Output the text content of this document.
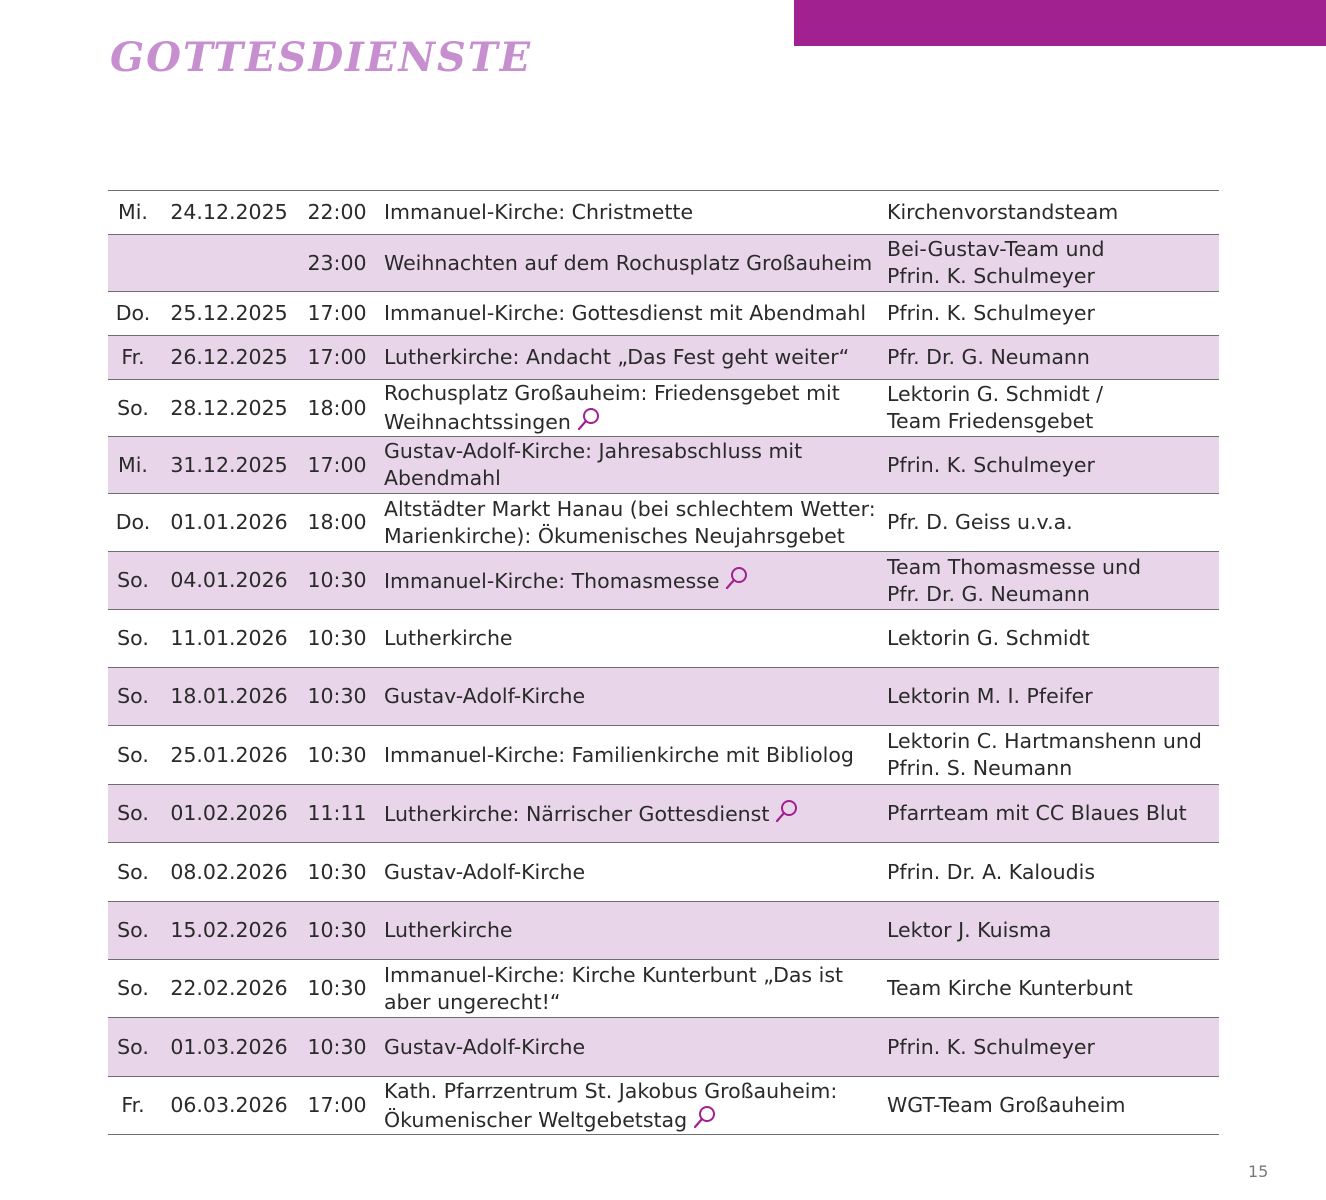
GOTTESDIENSTE
Mi.	24.12.2025	22:00	Immanuel-Kirche: Christmette	Kirchenvorstandsteam
		23:00	Weihnachten auf dem Rochusplatz Großauheim	Bei-Gustav-Team und
Pfrin. K. Schulmeyer
Do.	25.12.2025	17:00	Immanuel-Kirche: Gottesdienst mit Abendmahl	Pfrin. K. Schulmeyer
Fr.	26.12.2025	17:00	Lutherkirche: Andacht „Das Fest geht weiter“	Pfr. Dr. G. Neumann
So.	28.12.2025	18:00	Rochusplatz Großauheim: Friedensgebet mit
Weihnachtssingen	Lektorin G. Schmidt /
Team Friedensgebet
Mi.	31.12.2025	17:00	Gustav-Adolf-Kirche: Jahresabschluss mit
Abendmahl	Pfrin. K. Schulmeyer
Do.	01.01.2026	18:00	Altstädter Markt Hanau (bei schlechtem Wetter:
Marienkirche): Ökumenisches Neujahrsgebet	Pfr. D. Geiss u.v.a.
So.	04.01.2026	10:30	Immanuel-Kirche: Thomasmesse	Team Thomasmesse und
Pfr. Dr. G. Neumann
So.	11.01.2026	10:30	Lutherkirche	Lektorin G. Schmidt
So.	18.01.2026	10:30	Gustav-Adolf-Kirche	Lektorin M. I. Pfeifer
So.	25.01.2026	10:30	Immanuel-Kirche: Familienkirche mit Bibliolog	Lektorin C. Hartmanshenn und
Pfrin. S. Neumann
So.	01.02.2026	11:11	Lutherkirche: Närrischer Gottesdienst	Pfarrteam mit CC Blaues Blut
So.	08.02.2026	10:30	Gustav-Adolf-Kirche	Pfrin. Dr. A. Kaloudis
So.	15.02.2026	10:30	Lutherkirche	Lektor J. Kuisma
So.	22.02.2026	10:30	Immanuel-Kirche: Kirche Kunterbunt „Das ist
aber ungerecht!“	Team Kirche Kunterbunt
So.	01.03.2026	10:30	Gustav-Adolf-Kirche	Pfrin. K. Schulmeyer
Fr.	06.03.2026	17:00	Kath. Pfarrzentrum St. Jakobus Großauheim:
Ökumenischer Weltgebetstag	WGT-Team Großauheim
15
